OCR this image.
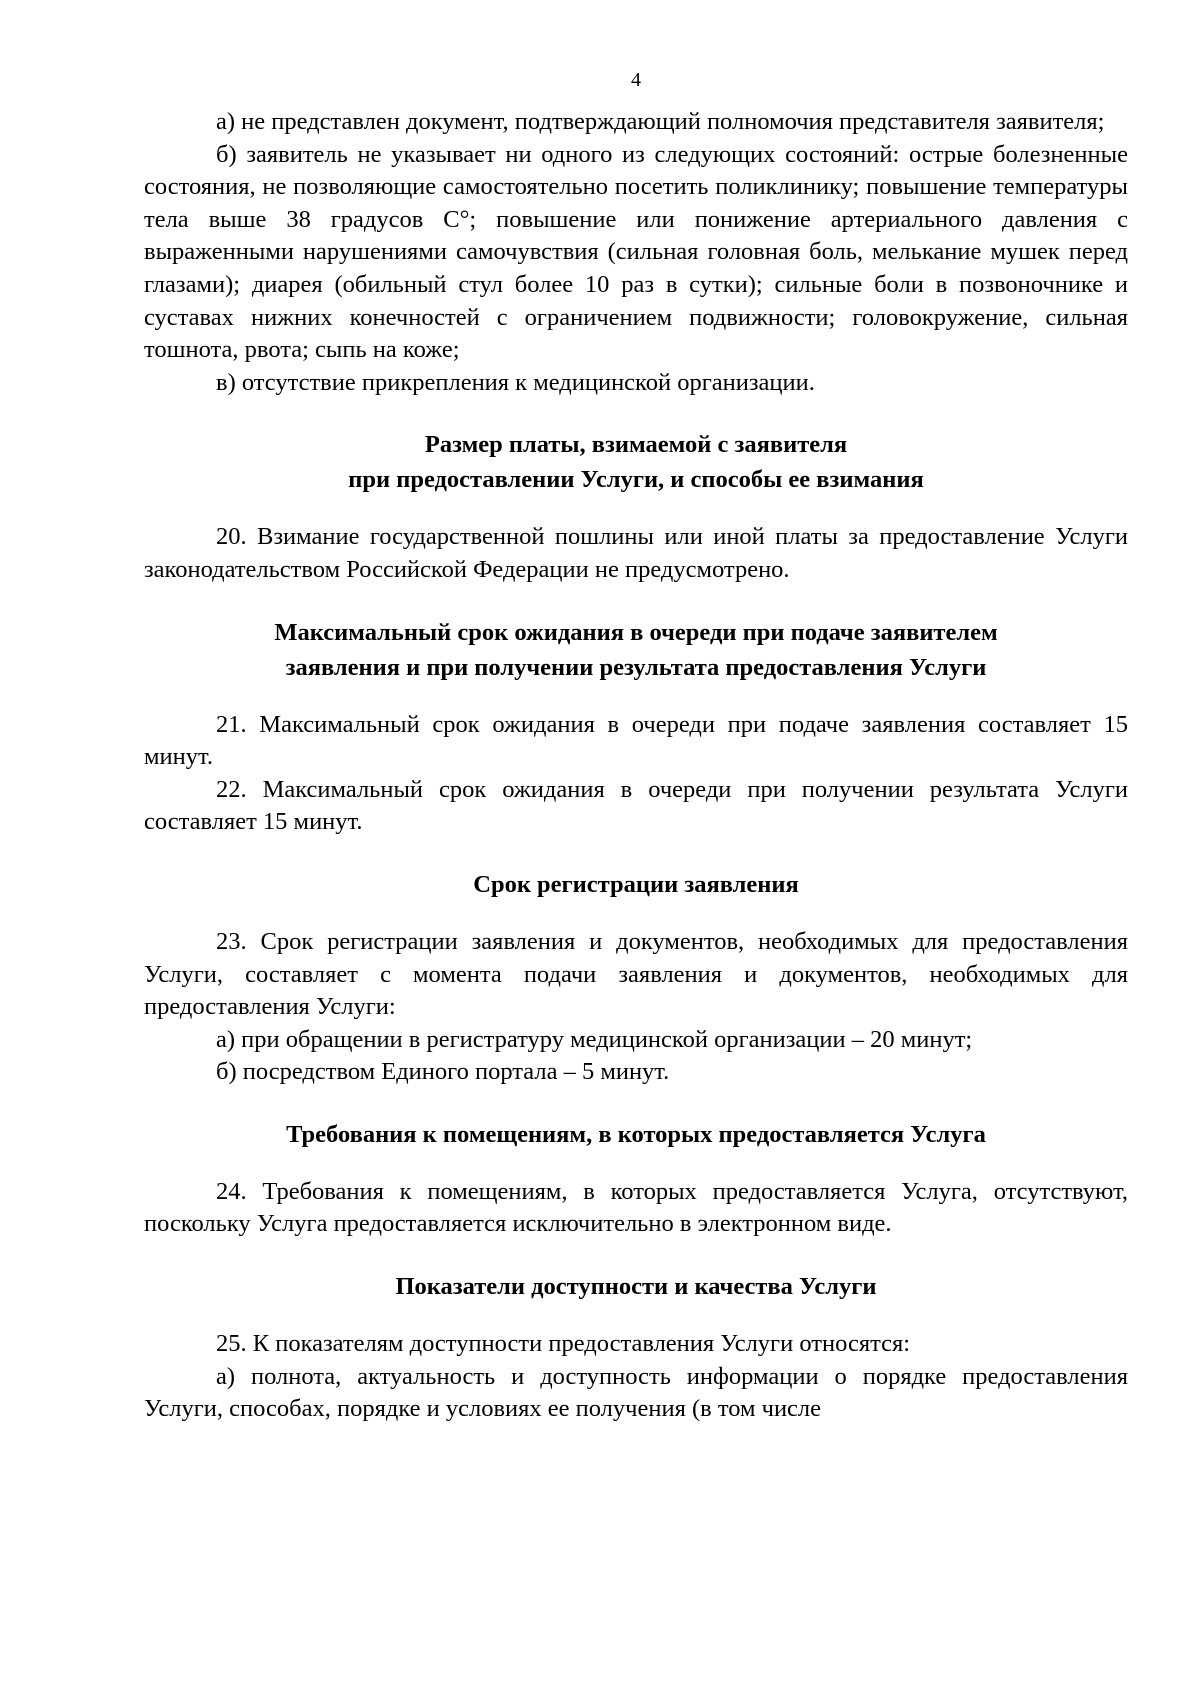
4

а) не представлен документ, подтверждающий полномочия представителя заявителя;

б) заявитель не указывает ни одного из следующих состояний: острые болезненные состояния, не позволяющие самостоятельно посетить поликлинику; повышение температуры тела выше 38 градусов С°; повышение или понижение артериального давления с выраженными нарушениями самочувствия (сильная головная боль, мелькание мушек перед глазами); диарея (обильный стул более 10 раз в сутки); сильные боли в позвоночнике и суставах нижних конечностей с ограничением подвижности; головокружение, сильная тошнота, рвота; сыпь на коже;

в) отсутствие прикрепления к медицинской организации.

Размер платы, взимаемой с заявителя
при предоставлении Услуги, и способы ее взимания

20. Взимание государственной пошлины или иной платы за предоставление Услуги законодательством Российской Федерации не предусмотрено.

Максимальный срок ожидания в очереди при подаче заявителем
заявления и при получении результата предоставления Услуги

21. Максимальный срок ожидания в очереди при подаче заявления составляет 15 минут.

22. Максимальный срок ожидания в очереди при получении результата Услуги составляет 15 минут.

Срок регистрации заявления

23. Срок регистрации заявления и документов, необходимых для предоставления Услуги, составляет с момента подачи заявления и документов, необходимых для предоставления Услуги:

а) при обращении в регистратуру медицинской организации – 20 минут;

б) посредством Единого портала – 5 минут.

Требования к помещениям, в которых предоставляется Услуга

24. Требования к помещениям, в которых предоставляется Услуга, отсутствуют, поскольку Услуга предоставляется исключительно в электронном виде.

Показатели доступности и качества Услуги

25. К показателям доступности предоставления Услуги относятся:

а) полнота, актуальность и доступность информации о порядке предоставления Услуги, способах, порядке и условиях ее получения (в том числе
